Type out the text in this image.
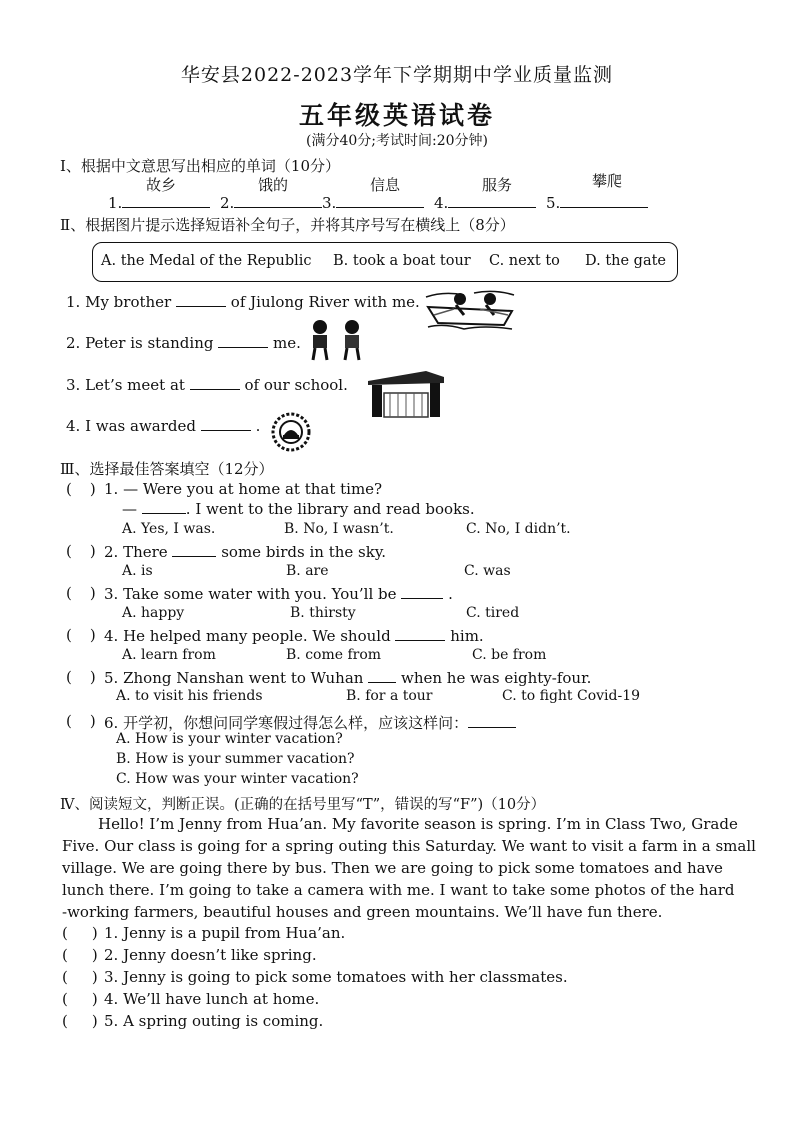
华安县2022-2023学年下学期期中学业质量监测
五年级英语试卷
(满分40分;考试时间:20分钟)
Ⅰ、根据中文意思写出相应的单词（10分）
故乡	饿的	信息	服务	攀爬
1.	2.	3.	4.	5.
Ⅱ、根据图片提示选择短语补全句子，并将其序号写在横线上（8分）
A. the Medal of the Republic B. took a boat tour C. next to D. the gate
1. My brother	of Jiulong River with me.
2. Peter is standing	me.
3. Let’s meet at	of our school.
4. I was awarded	.
Ⅲ、选择最佳答案填空（12分）
( ) 1. — Were you at home at that time?
—	. I went to the library and read books.
A. Yes, I was.	B. No, I wasn’t.	C. No, I didn’t.
( ) 2. There	some birds in the sky.
A. is	B. are	C. was
( ) 3. Take some water with you. You’ll be	.
A. happy	B. thirsty	C. tired
( ) 4. He helped many people. We should	him.
A. learn from	B. come from	C. be from
( ) 5. Zhong Nanshan went to Wuhan	when he was eighty-four.
A. to visit his friends	B. for a tour	C. to fight Covid-19
( ) 6. 开学初，你想问同学寒假过得怎么样，应该这样问：
A. How is your winter vacation?
B. How is your summer vacation?
C. How was your winter vacation?
Ⅳ、阅读短文，判断正误。(正确的在括号里写“T”，错误的写“F”)（10分）
Hello! I’m Jenny from Hua’an. My favorite season is spring. I’m in Class Two, Grade
Five. Our class is going for a spring outing this Saturday. We want to visit a farm in a small
village. We are going there by bus. Then we are going to pick some tomatoes and have
lunch there. I’m going to take a camera with me. I want to take some photos of the hard
-working farmers, beautiful houses and green mountains. We’ll have fun there.
( ) 1. Jenny is a pupil from Hua’an.
( ) 2. Jenny doesn’t like spring.
( ) 3. Jenny is going to pick some tomatoes with her classmates.
( ) 4. We’ll have lunch at home.
( ) 5. A spring outing is coming.
